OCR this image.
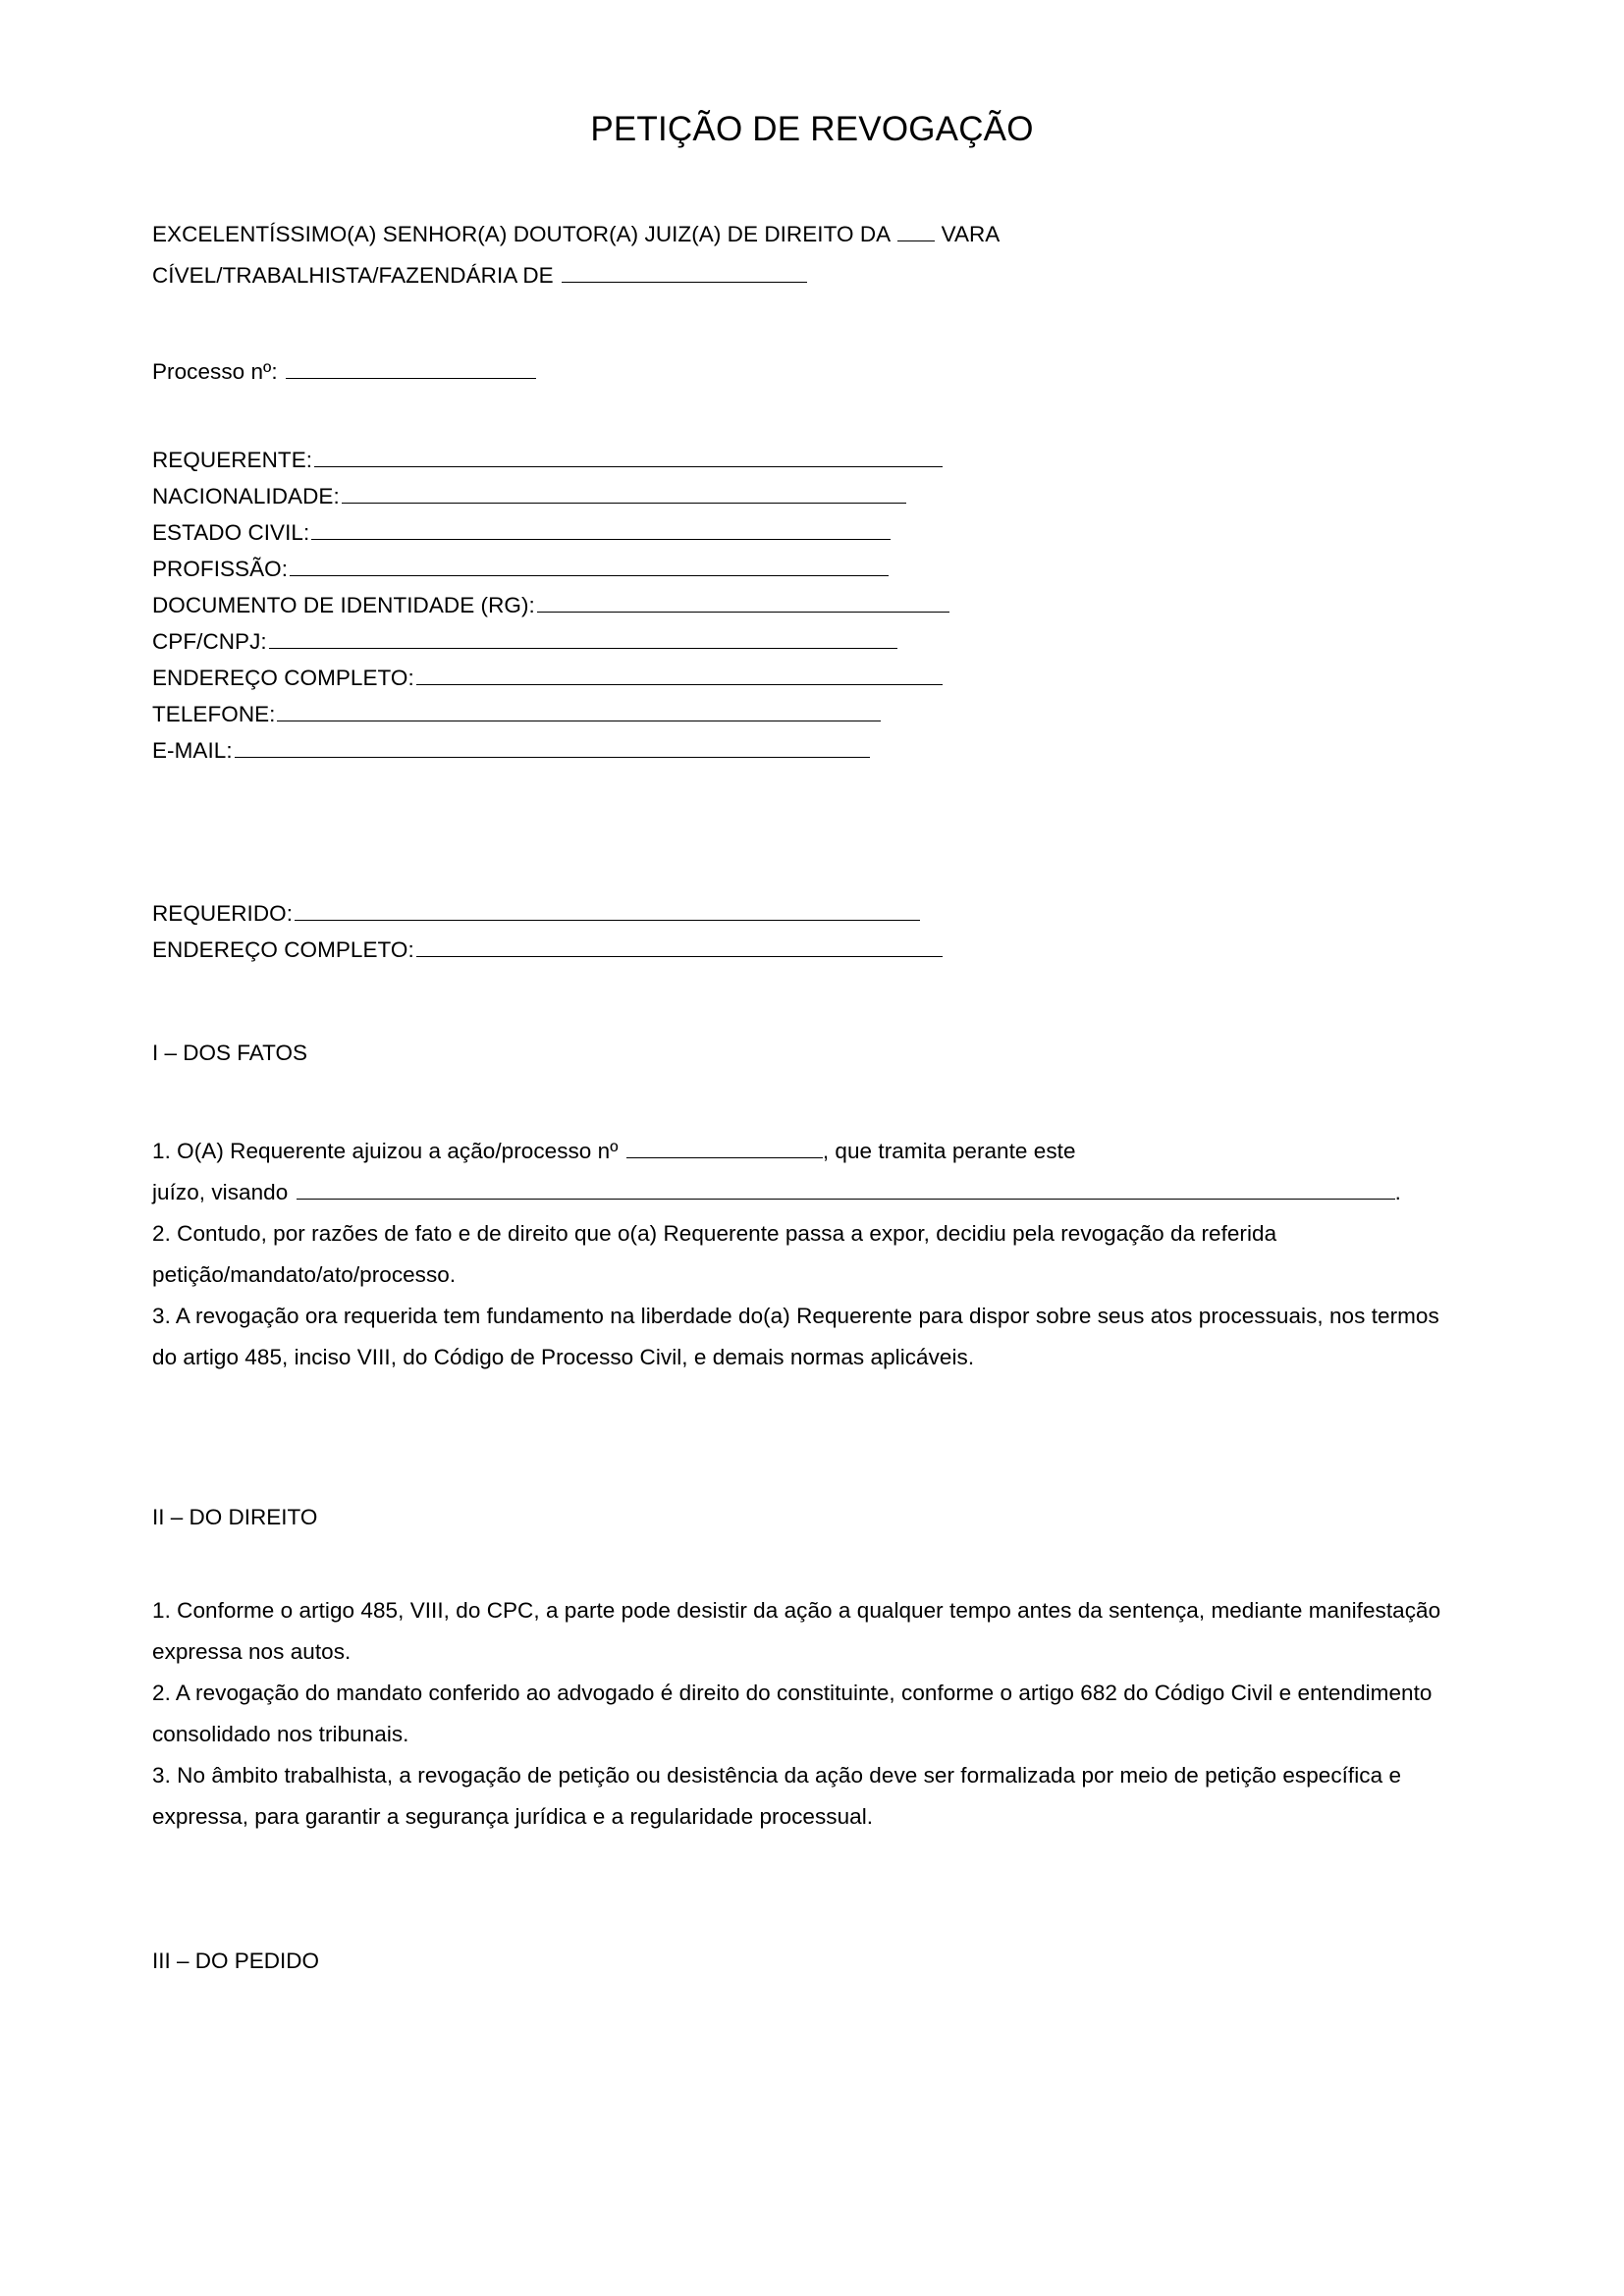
PETIÇÃO DE REVOGAÇÃO
EXCELENTÍSSIMO(A) SENHOR(A) DOUTOR(A) JUIZ(A) DE DIREITO DA VARA
CÍVEL/TRABALHISTA/FAZENDÁRIA DE
Processo nº:
REQUERENTE:
NACIONALIDADE:
ESTADO CIVIL:
PROFISSÃO:
DOCUMENTO DE IDENTIDADE (RG):
CPF/CNPJ:
ENDEREÇO COMPLETO:
TELEFONE:
E-MAIL:
REQUERIDO:
ENDEREÇO COMPLETO:
I – DOS FATOS
1. O(A) Requerente ajuizou a ação/processo nº	, que tramita perante este
juízo, visando	.
2. Contudo, por razões de fato e de direito que o(a) Requerente passa a expor, decidiu pela revogação da referida petição/mandato/ato/processo.
3. A revogação ora requerida tem fundamento na liberdade do(a) Requerente para dispor sobre seus atos processuais, nos termos do artigo 485, inciso VIII, do Código de Processo Civil, e demais normas aplicáveis.
II – DO DIREITO
1. Conforme o artigo 485, VIII, do CPC, a parte pode desistir da ação a qualquer tempo antes da sentença, mediante manifestação expressa nos autos.
2. A revogação do mandato conferido ao advogado é direito do constituinte, conforme o artigo 682 do Código Civil e entendimento consolidado nos tribunais.
3. No âmbito trabalhista, a revogação de petição ou desistência da ação deve ser formalizada por meio de petição específica e expressa, para garantir a segurança jurídica e a regularidade processual.
III – DO PEDIDO
